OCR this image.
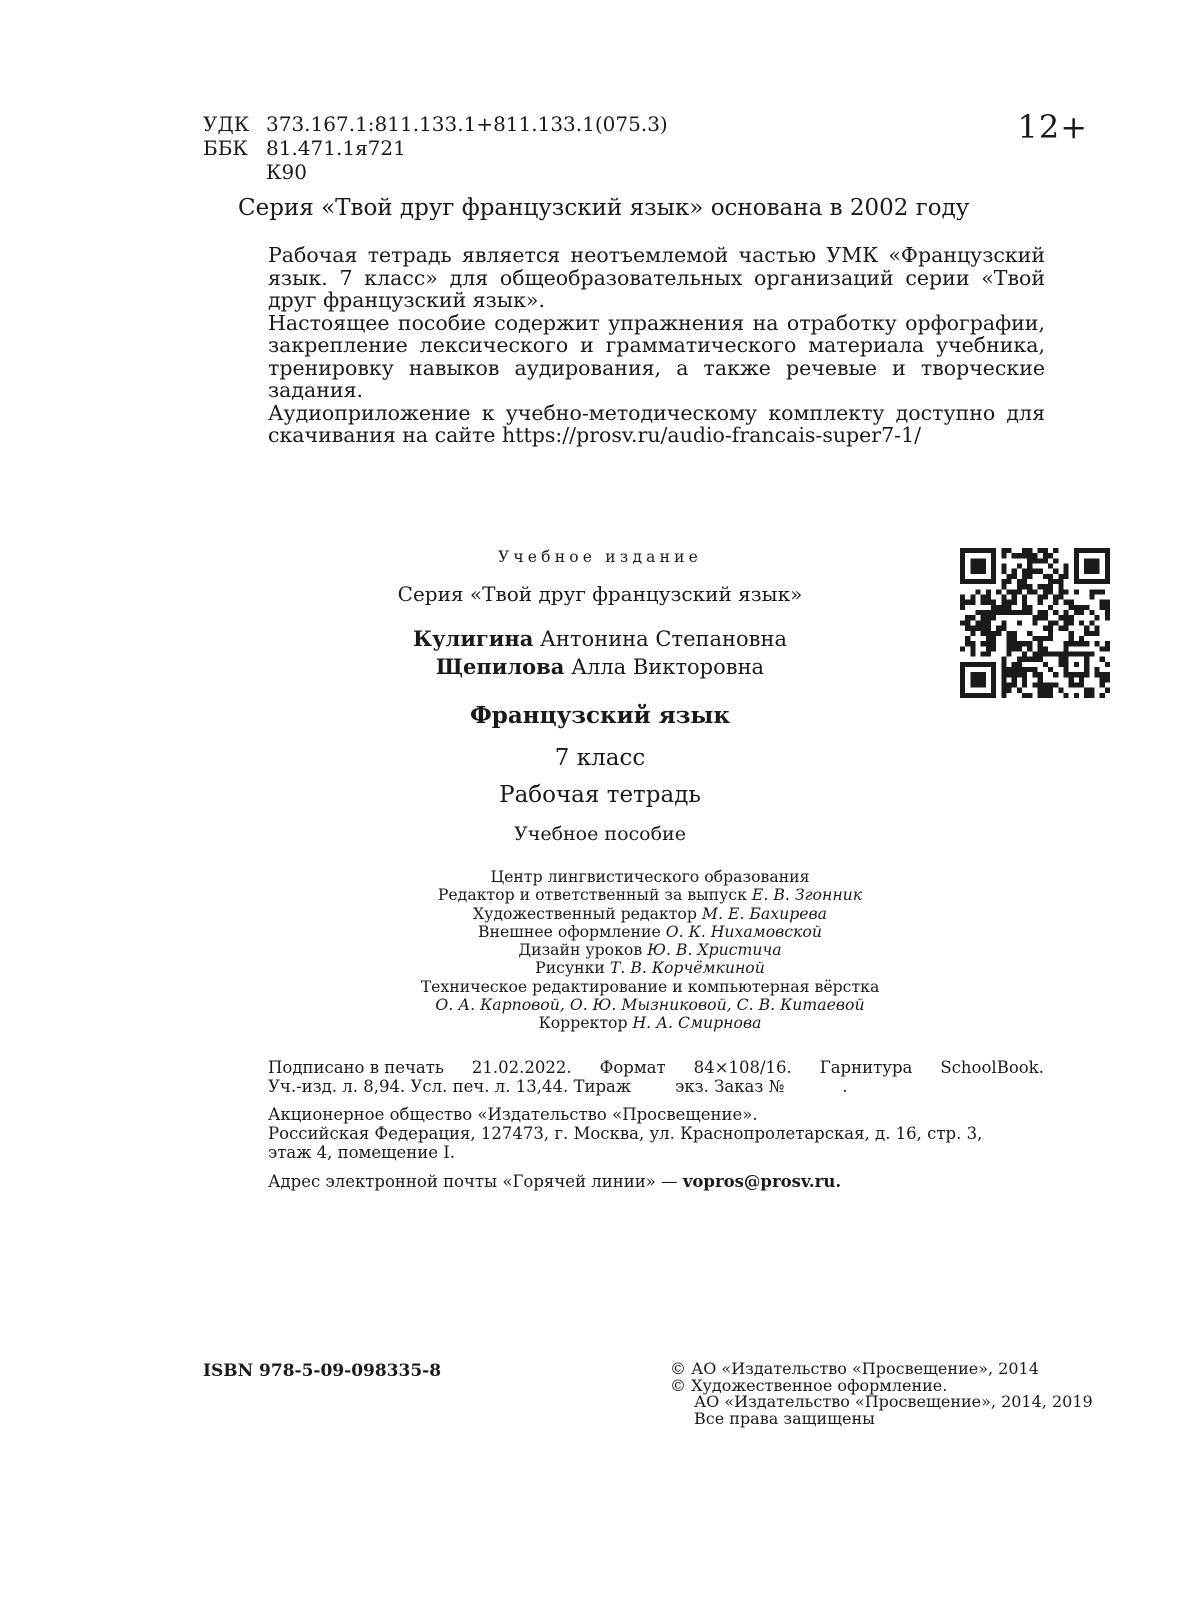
УДК 373.167.1:811.133.1+811.133.1(075.3)
ББК 81.471.1я721
К90
12+
Серия «Твой друг французский язык» основана в 2002 году

Рабочая тетрадь является неотъемлемой частью УМК «Французский язык. 7 класс» для общеобразовательных организаций серии «Твой друг французский язык».

Настоящее пособие содержит упражнения на отработку орфографии, закрепление лексического и грамматического материала учебника, тренировку навыков аудирования, а также речевые и творческие задания.

Аудиоприложение к учебно-методическому комплекту доступно для скачивания на сайте https://prosv.ru/audio-francais-super7-1/

Учебное издание
Серия «Твой друг французский язык»
Кулигина Антонина Степановна
Щепилова Алла Викторовна
Французский язык
7 класс
Рабочая тетрадь
Учебное пособие
Центр лингвистического образования
Редактор и ответственный за выпуск Е. В. Згонник
Художественный редактор М. Е. Бахирева
Внешнее оформление О. К. Нихамовской
Дизайн уроков Ю. В. Христича
Рисунки Т. В. Корчёмкиной
Техническое редактирование и компьютерная вёрстка
О. А. Карповой, О. Ю. Мызниковой, С. В. Китаевой
Корректор Н. А. Смирнова
Подписано в печать 21.02.2022. Формат 84×108/16. Гарнитура SchoolBook.
Уч.-изд. л. 8,94. Усл. печ. л. 13,44. Тираж	экз. Заказ №	.
Акционерное общество «Издательство «Просвещение».
Российская Федерация, 127473, г. Москва, ул. Краснопролетарская, д. 16, стр. 3,
этаж 4, помещение I.
Адрес электронной почты «Горячей линии» — vopros@prosv.ru.
ISBN 978-5-09-098335-8	© АО «Издательство «Просвещение», 2014
© Художественное оформление.
АО «Издательство «Просвещение», 2014, 2019
Все права защищены
